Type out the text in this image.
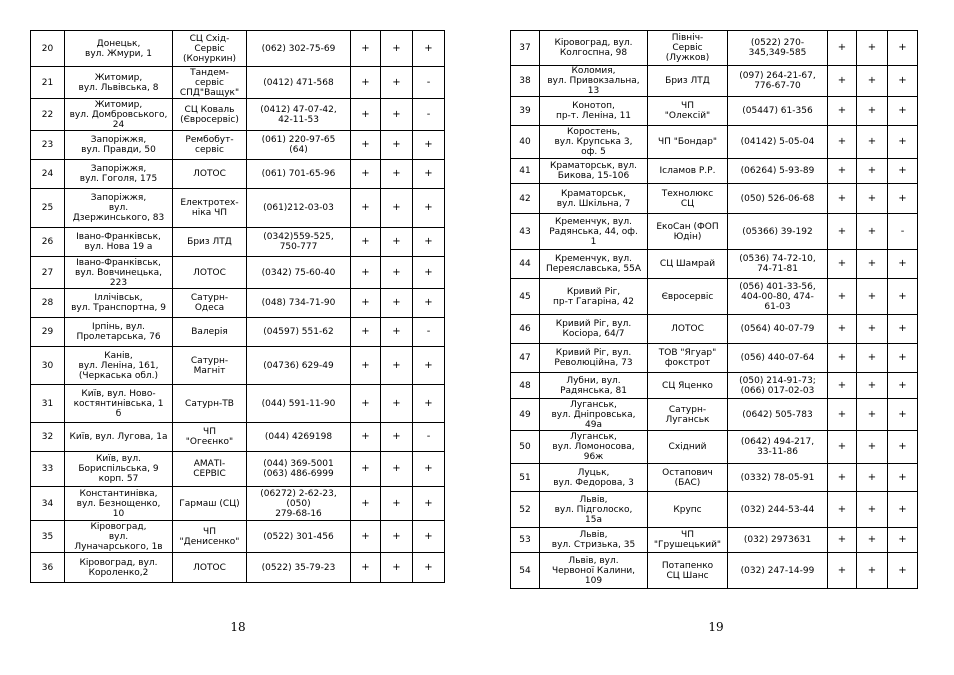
20	Донецьк,
вул. Жмури, 1	СЦ Схід-
Сервіс
(Конуркин)	(062) 302-75-69	+	+	+
21	Житомир,
вул. Львівська, 8	Тандем-
сервіс
СПД"Ващук"	(0412) 471-568	+	+	-
22	Житомир,
вул. Домбровського,
24	СЦ Коваль
(Євросервіс)	(0412) 47-07-42,
42-11-53	+	+	-
23	Запоріжжя,
вул. Правди, 50	Рембобут-
сервіс	(061) 220-97-65
(64)	+	+	+
24	Запоріжжя,
вул. Гоголя, 175	ЛОТОС	(061) 701-65-96	+	+	+
25	Запоріжжя,
вул.
Дзержинського, 83	Електротех-
ніка ЧП	(061)212-03-03	+	+	+
26	Івано-Франківськ,
вул. Нова 19 а	Бриз ЛТД	(0342)559-525,
750-777	+	+	+
27	Івано-Франківськ,
вул. Вовчинецька,
223	ЛОТОС	(0342) 75-60-40	+	+	+
28	Іллічівськ,
вул. Транспортна, 9	Сатурн-
Одеса	(048) 734-71-90	+	+	+
29	Ірпінь, вул.
Пролетарська, 76	Валерія	(04597) 551-62	+	+	-
30	Канів,
вул. Леніна, 161,
(Черкаська обл.)	Сатурн-
Магніт	(04736) 629-49	+	+	+
31	Київ, вул. Ново-
костянтинівська, 1
б	Сатурн-ТВ	(044) 591-11-90	+	+	+
32	Київ, вул. Лугова, 1а	ЧП
"Огеєнко"	(044) 4269198	+	+	-
33	Київ, вул.
Бориспільська, 9
корп. 57	АМАТІ-
СЕРВІС	(044) 369-5001
(063) 486-6999	+	+	+
34	Константинівка,
вул. Безнощенко,
10	Гармаш (СЦ)	(06272) 2-62-23,
(050)
279-68-16	+	+	+
35	Кіровоград,
вул.
Луначарського, 1в	ЧП
"Денисенко"	(0522) 301-456	+	+	+
36	Кіровоград, вул.
Короленко,2	ЛОТОС	(0522) 35-79-23	+	+	+
18
37	Кіровоград, вул.
Колгоспна, 98	Північ-
Сервіс
(Лужков)	(0522) 270-
345,349-585	+	+	+
38	Коломия,
вул. Привокзальна,
13	Бриз ЛТД	(097) 264-21-67,
776-67-70	+	+	+
39	Конотоп,
пр-т. Леніна, 11	ЧП
"Олексій"	(05447) 61-356	+	+	+
40	Коростень,
вул. Крупська 3,
оф. 5	ЧП "Бондар"	(04142) 5-05-04	+	+	+
41	Краматорськ, вул.
Бикова, 15-106	Ісламов Р.Р.	(06264) 5-93-89	+	+	+
42	Краматорськ,
вул. Шкільна, 7	Технолюкс
СЦ	(050) 526-06-68	+	+	+
43	Кременчук, вул.
Радянська, 44, оф.
1	ЕкоСан (ФОП
Юдін)	(05366) 39-192	+	+	-
44	Кременчук, вул.
Переяславська, 55А	СЦ Шамрай	(0536) 74-72-10,
74-71-81	+	+	+
45	Кривий Ріг,
пр-т Гагаріна, 42	Євросервіс	(056) 401-33-56,
404-00-80, 474-
61-03	+	+	+
46	Кривий Ріг, вул.
Косіора, 64/7	ЛОТОС	(0564) 40-07-79	+	+	+
47	Кривий Ріг, вул.
Революційна, 73	ТОВ "Ягуар"
фокстрот	(056) 440-07-64	+	+	+
48	Лубни, вул.
Радянська, 81	СЦ Яценко	(050) 214-91-73;
(066) 017-02-03	+	+	+
49	Луганськ,
вул. Дніпровська,
49а	Сатурн-
Луганськ	(0642) 505-783	+	+	+
50	Луганськ,
вул. Ломоносова,
96ж	Східний	(0642) 494-217,
33-11-86	+	+	+
51	Луцьк,
вул. Федорова, 3	Остапович
(БАС)	(0332) 78-05-91	+	+	+
52	Львів,
вул. Підголоско,
15а	Крупс	(032) 244-53-44	+	+	+
53	Львів,
вул. Стризька, 35	ЧП
"Грушецький"	(032) 2973631	+	+	+
54	Львів, вул.
Червоної Калини,
109	Потапенко
СЦ Шанс	(032) 247-14-99	+	+	+
19
